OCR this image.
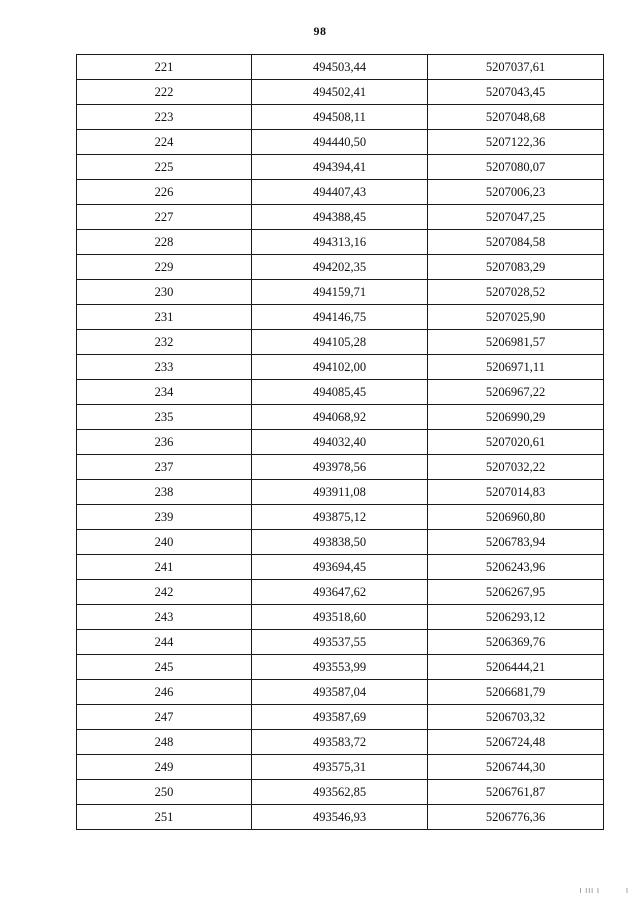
98
221	494503,44	5207037,61
222	494502,41	5207043,45
223	494508,11	5207048,68
224	494440,50	5207122,36
225	494394,41	5207080,07
226	494407,43	5207006,23
227	494388,45	5207047,25
228	494313,16	5207084,58
229	494202,35	5207083,29
230	494159,71	5207028,52
231	494146,75	5207025,90
232	494105,28	5206981,57
233	494102,00	5206971,11
234	494085,45	5206967,22
235	494068,92	5206990,29
236	494032,40	5207020,61
237	493978,56	5207032,22
238	493911,08	5207014,83
239	493875,12	5206960,80
240	493838,50	5206783,94
241	493694,45	5206243,96
242	493647,62	5206267,95
243	493518,60	5206293,12
244	493537,55	5206369,76
245	493553,99	5206444,21
246	493587,04	5206681,79
247	493587,69	5206703,32
248	493583,72	5206724,48
249	493575,31	5206744,30
250	493562,85	5206761,87
251	493546,93	5206776,36
I III I	I
